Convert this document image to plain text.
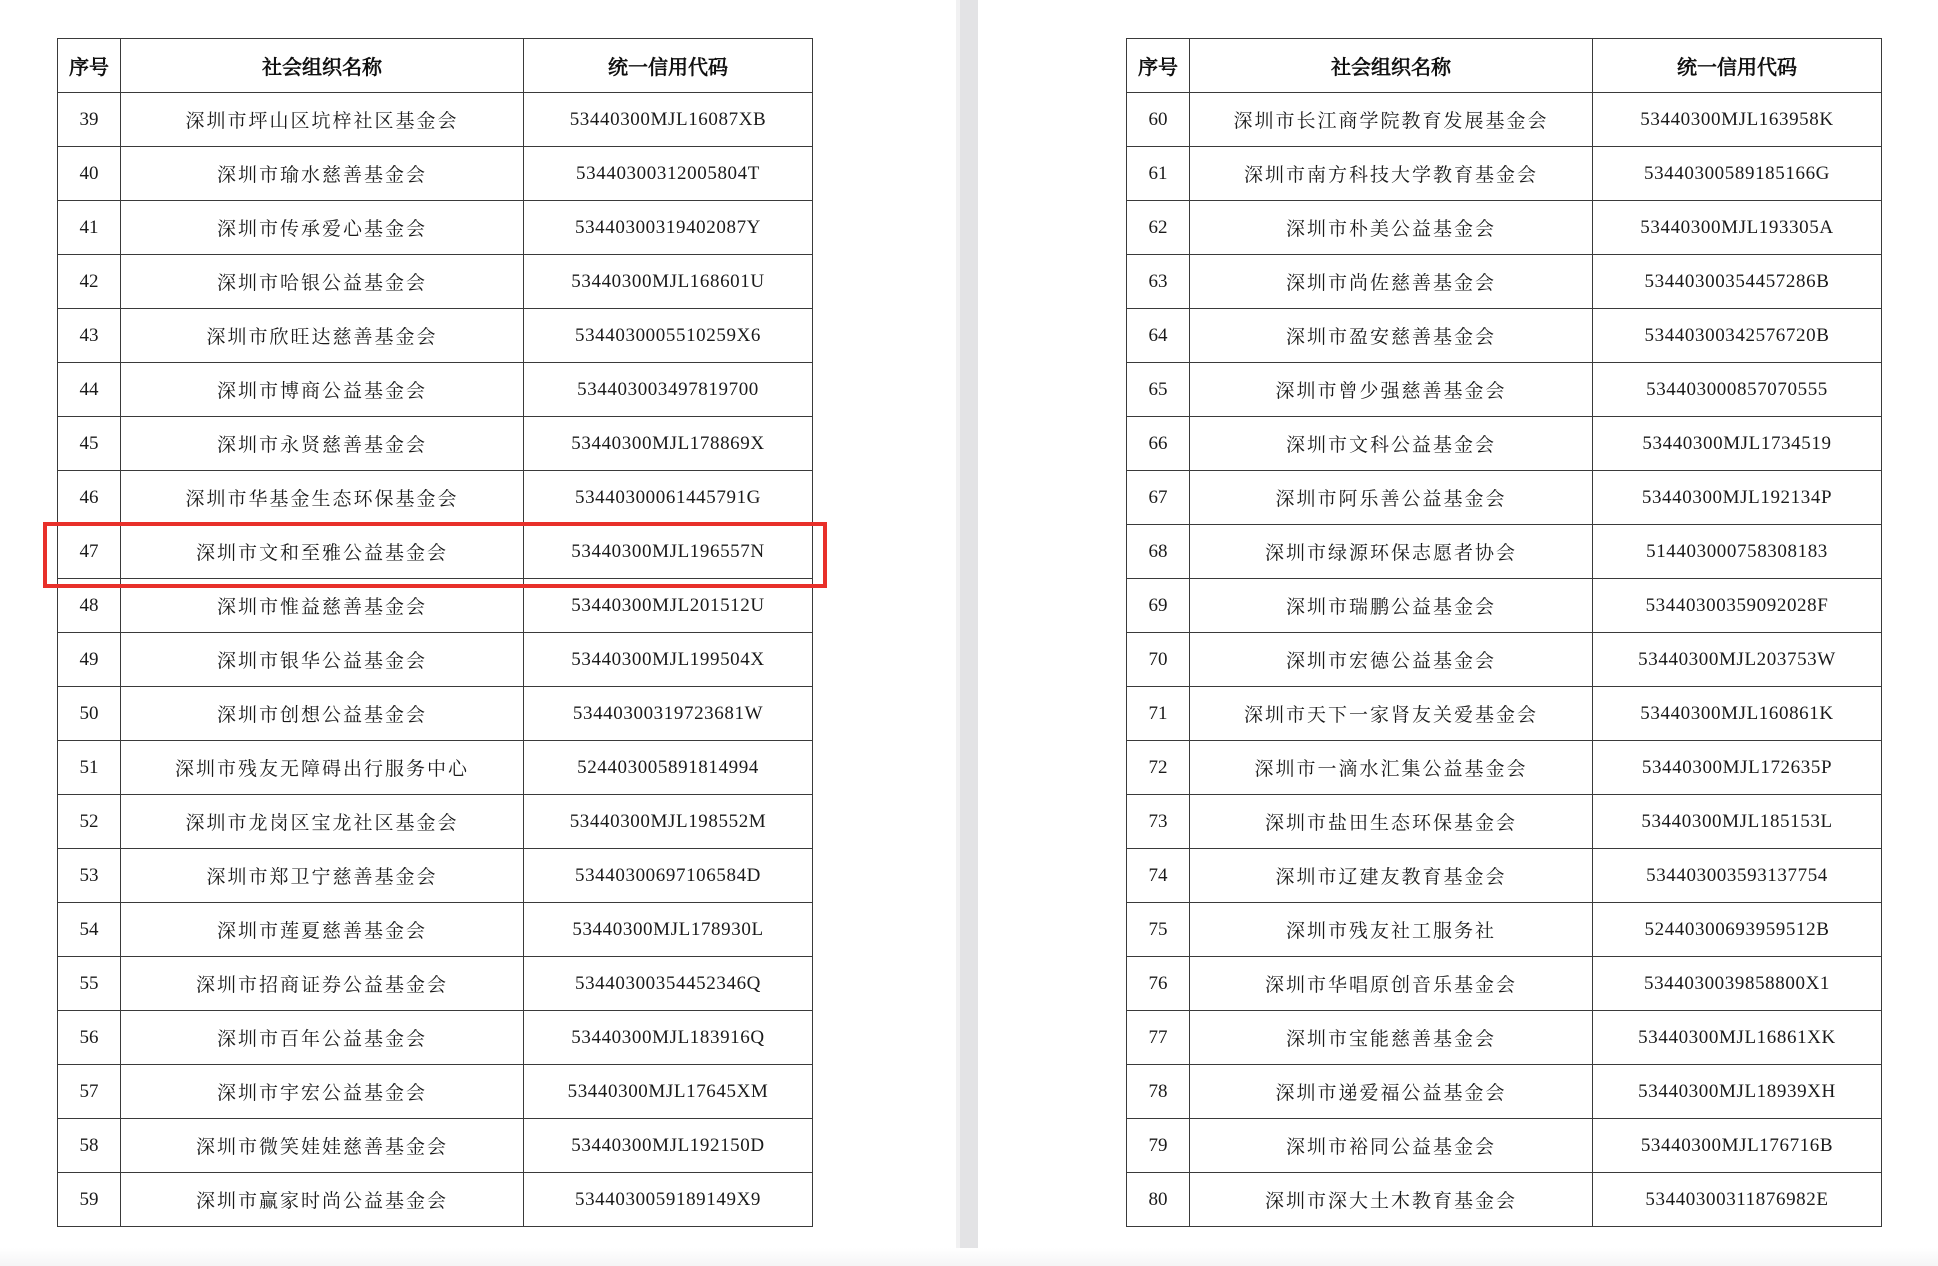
序号	社会组织名称	统一信用代码
39	深圳市坪山区坑梓社区基金会	53440300MJL16087XB
40	深圳市瑜水慈善基金会	53440300312005804T
41	深圳市传承爱心基金会	53440300319402087Y
42	深圳市哈银公益基金会	53440300MJL168601U
43	深圳市欣旺达慈善基金会	5344030005510259X6
44	深圳市博商公益基金会	534403003497819700
45	深圳市永贤慈善基金会	53440300MJL178869X
46	深圳市华基金生态环保基金会	53440300061445791G
47	深圳市文和至雅公益基金会	53440300MJL196557N
48	深圳市惟益慈善基金会	53440300MJL201512U
49	深圳市银华公益基金会	53440300MJL199504X
50	深圳市创想公益基金会	53440300319723681W
51	深圳市残友无障碍出行服务中心	524403005891814994
52	深圳市龙岗区宝龙社区基金会	53440300MJL198552M
53	深圳市郑卫宁慈善基金会	53440300697106584D
54	深圳市莲夏慈善基金会	53440300MJL178930L
55	深圳市招商证券公益基金会	53440300354452346Q
56	深圳市百年公益基金会	53440300MJL183916Q
57	深圳市宇宏公益基金会	53440300MJL17645XM
58	深圳市微笑娃娃慈善基金会	53440300MJL192150D
59	深圳市赢家时尚公益基金会	5344030059189149X9
序号	社会组织名称	统一信用代码
60	深圳市长江商学院教育发展基金会	53440300MJL163958K
61	深圳市南方科技大学教育基金会	53440300589185166G
62	深圳市朴美公益基金会	53440300MJL193305A
63	深圳市尚佐慈善基金会	53440300354457286B
64	深圳市盈安慈善基金会	53440300342576720B
65	深圳市曾少强慈善基金会	534403000857070555
66	深圳市文科公益基金会	53440300MJL1734519
67	深圳市阿乐善公益基金会	53440300MJL192134P
68	深圳市绿源环保志愿者协会	514403000758308183
69	深圳市瑞鹏公益基金会	53440300359092028F
70	深圳市宏德公益基金会	53440300MJL203753W
71	深圳市天下一家肾友关爱基金会	53440300MJL160861K
72	深圳市一滴水汇集公益基金会	53440300MJL172635P
73	深圳市盐田生态环保基金会	53440300MJL185153L
74	深圳市辽建友教育基金会	534403003593137754
75	深圳市残友社工服务社	52440300693959512B
76	深圳市华唱原创音乐基金会	5344030039858800X1
77	深圳市宝能慈善基金会	53440300MJL16861XK
78	深圳市递爱福公益基金会	53440300MJL18939XH
79	深圳市裕同公益基金会	53440300MJL176716B
80	深圳市深大土木教育基金会	53440300311876982E
